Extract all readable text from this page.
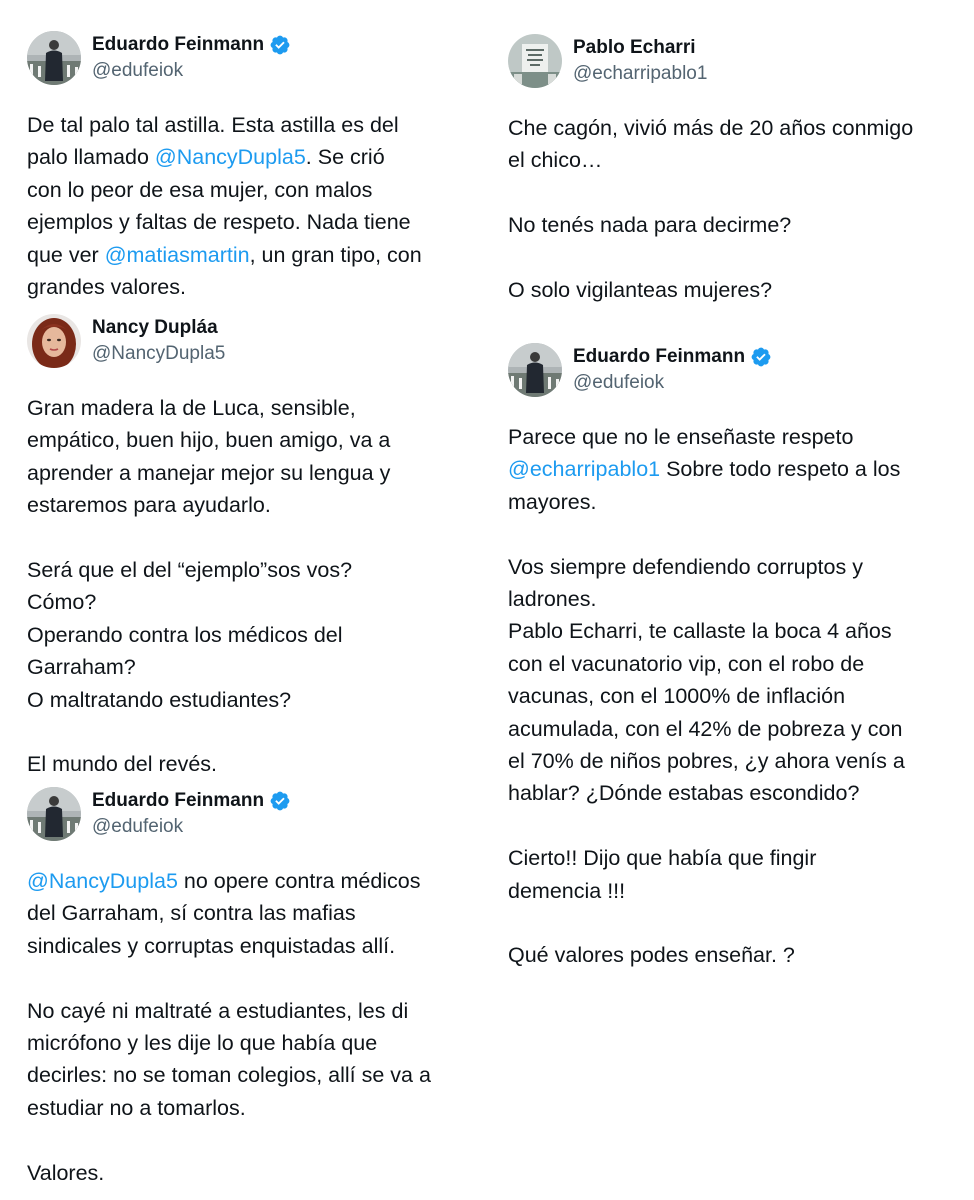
Eduardo Feinmann
@edufeiok

De tal palo tal astilla. Esta astilla es del

palo llamado @NancyDupla5. Se crió

con lo peor de esa mujer, con malos

ejemplos y faltas de respeto. Nada tiene

que ver @matiasmartin, un gran tipo, con

grandes valores.

Nancy Dupláa
@NancyDupla5

Gran madera la de Luca, sensible,

empático, buen hijo, buen amigo, va a

aprender a manejar mejor su lengua y

estaremos para ayudarlo.

Será que el del “ejemplo”sos vos?

Cómo?

Operando contra los médicos del

Garraham?

O maltratando estudiantes?

El mundo del revés.

Eduardo Feinmann
@edufeiok

@NancyDupla5 no opere contra médicos

del Garraham, sí contra las mafias

sindicales y corruptas enquistadas allí.

No cayé ni maltraté a estudiantes, les di

micrófono y les dije lo que había que

decirles: no se toman colegios, allí se va a

estudiar no a tomarlos.

Valores.

Pablo Echarri
@echarripablo1

Che cagón, vivió más de 20 años conmigo

el chico…

No tenés nada para decirme?

O solo vigilanteas mujeres?

Eduardo Feinmann
@edufeiok

Parece que no le enseñaste respeto

@echarripablo1 Sobre todo respeto a los

mayores.

Vos siempre defendiendo corruptos y

ladrones.

Pablo Echarri, te callaste la boca 4 años

con el vacunatorio vip, con el robo de

vacunas, con el 1000% de inflación

acumulada, con el 42% de pobreza y con

el 70% de niños pobres, ¿y ahora venís a

hablar? ¿Dónde estabas escondido?

Cierto!! Dijo que había que fingir

demencia !!!

Qué valores podes enseñar. ?
